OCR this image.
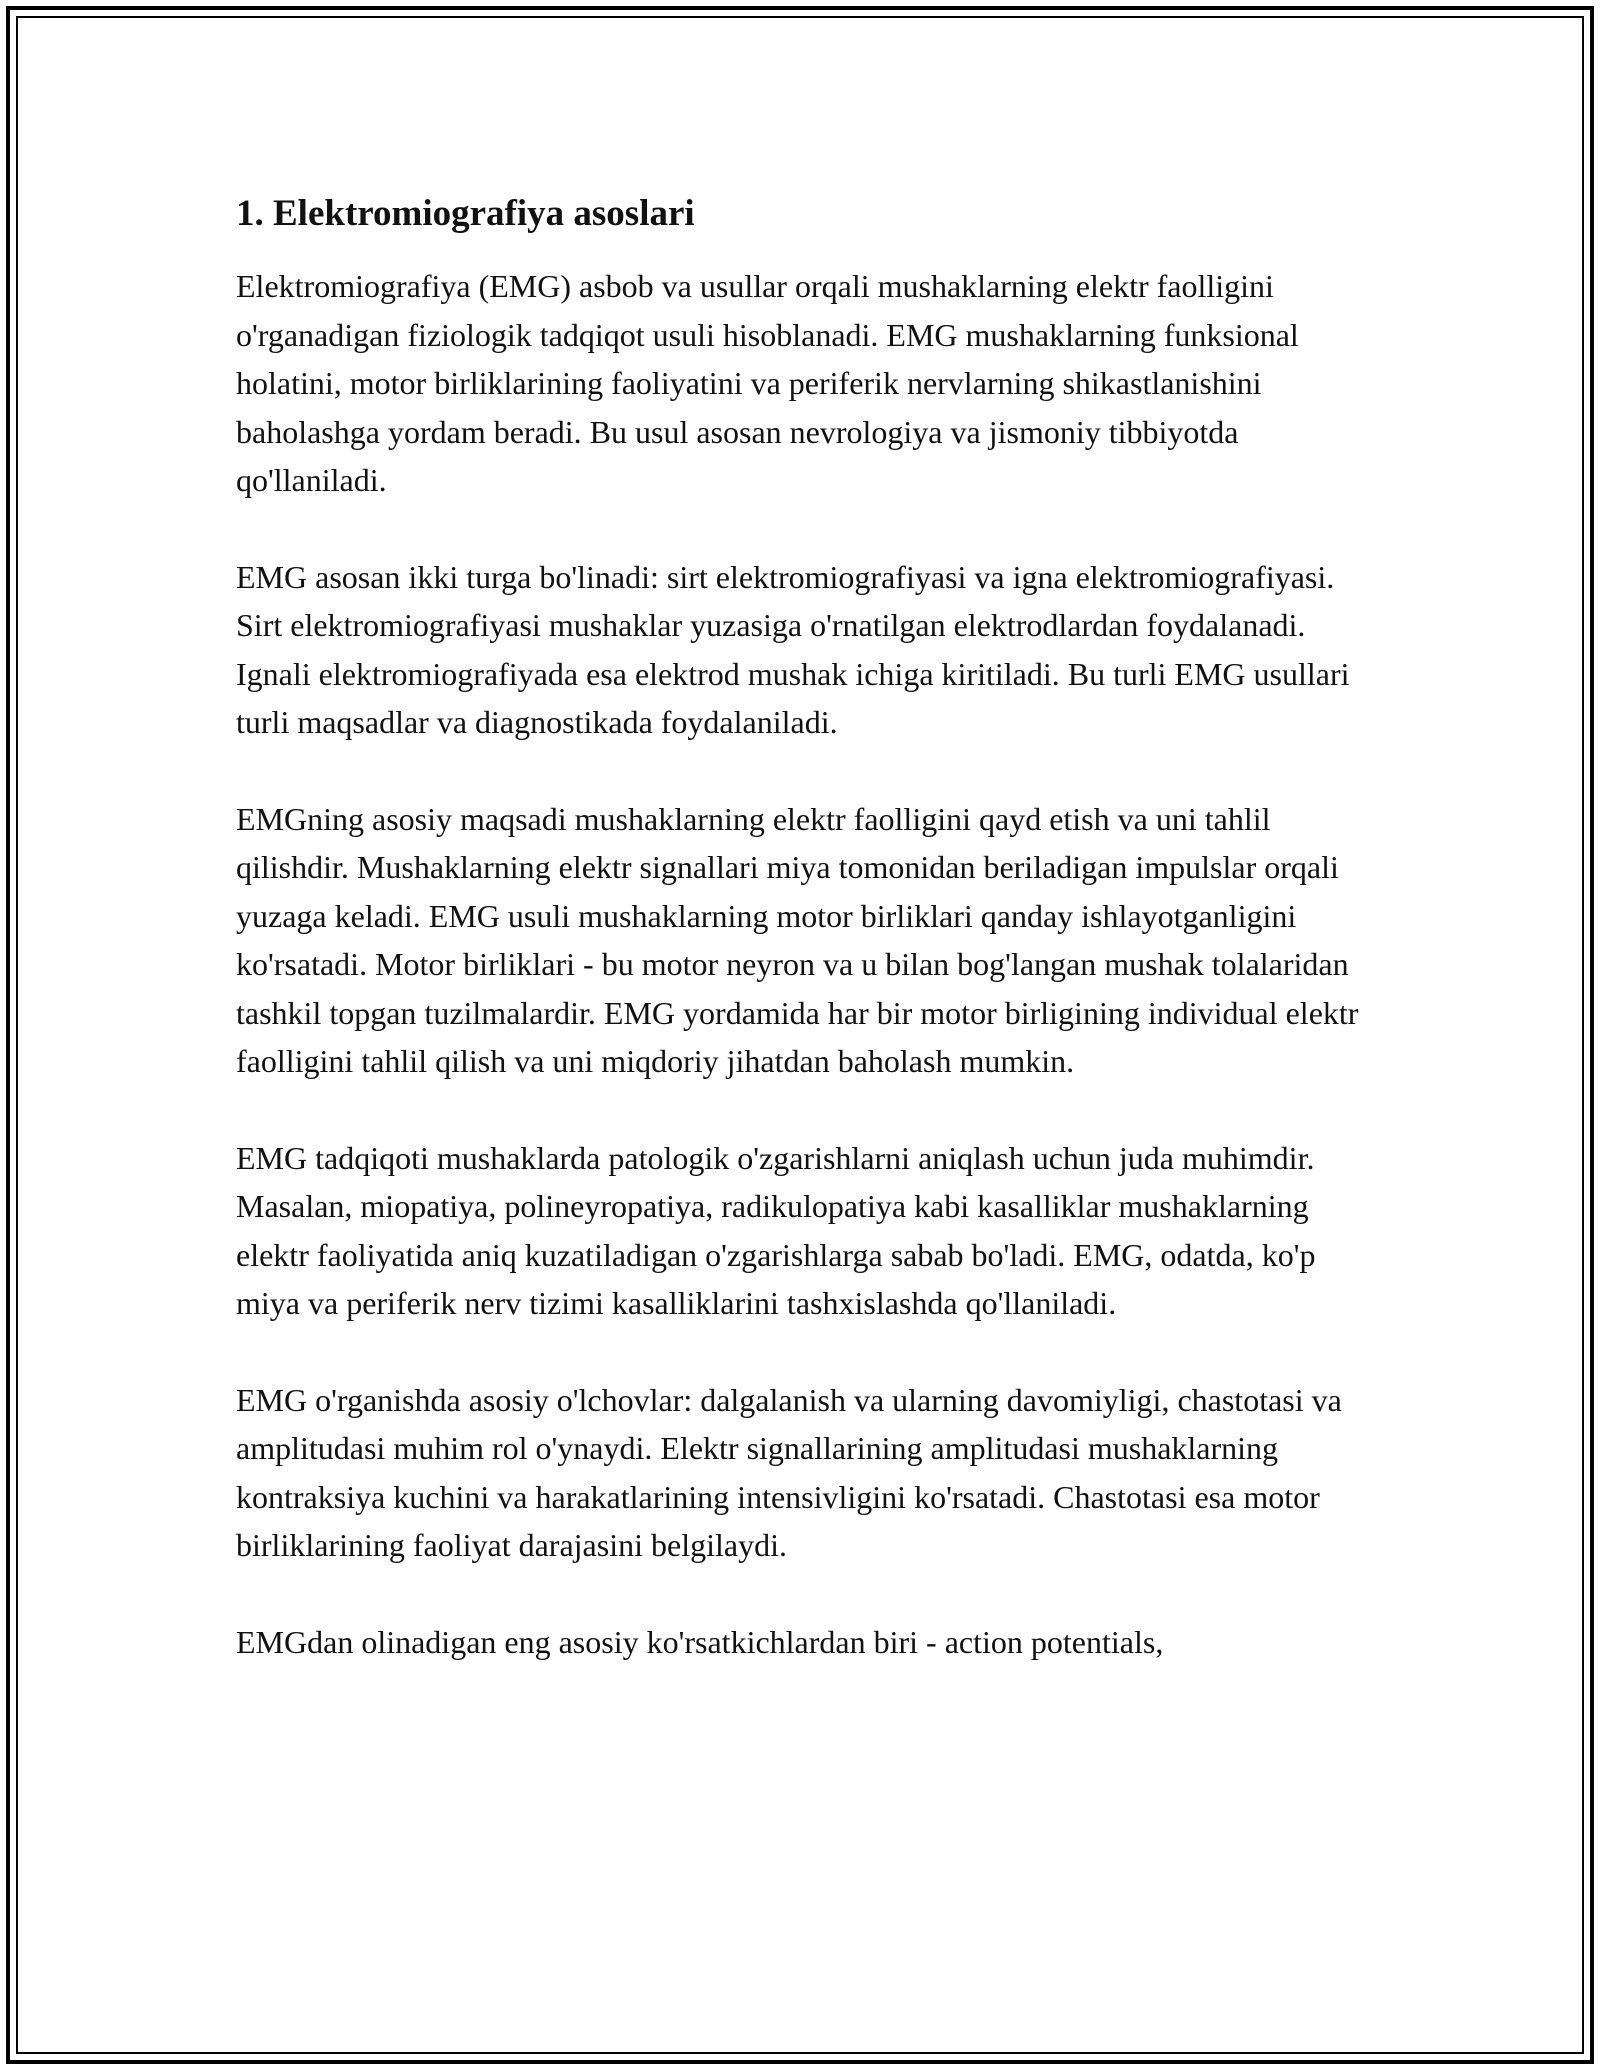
1. Elektromiografiya asoslari

Elektromiografiya (EMG) asbob va usullar orqali mushaklarning elektr faolligini o'rganadigan fiziologik tadqiqot usuli hisoblanadi. EMG mushaklarning funksional holatini, motor birliklarining faoliyatini va periferik nervlarning shikastlanishini baholashga yordam beradi. Bu usul asosan nevrologiya va jismoniy tibbiyotda qo'llaniladi.

EMG asosan ikki turga bo'linadi: sirt elektromiografiyasi va igna elektromiografiyasi. Sirt elektromiografiyasi mushaklar yuzasiga o'rnatilgan elektrodlardan foydalanadi. Ignali elektromiografiyada esa elektrod mushak ichiga kiritiladi. Bu turli EMG usullari turli maqsadlar va diagnostikada foydalaniladi.

EMGning asosiy maqsadi mushaklarning elektr faolligini qayd etish va uni tahlil qilishdir. Mushaklarning elektr signallari miya tomonidan beriladigan impulslar orqali yuzaga keladi. EMG usuli mushaklarning motor birliklari qanday ishlayotganligini ko'rsatadi. Motor birliklari - bu motor neyron va u bilan bog'langan mushak tolalaridan tashkil topgan tuzilmalardir. EMG yordamida har bir motor birligining individual elektr faolligini tahlil qilish va uni miqdoriy jihatdan baholash mumkin.

EMG tadqiqoti mushaklarda patologik o'zgarishlarni aniqlash uchun juda muhimdir. Masalan, miopatiya, polineyropatiya, radikulopatiya kabi kasalliklar mushaklarning elektr faoliyatida aniq kuzatiladigan o'zgarishlarga sabab bo'ladi. EMG, odatda, ko'p miya va periferik nerv tizimi kasalliklarini tashxislashda qo'llaniladi.

EMG o'rganishda asosiy o'lchovlar: dalgalanish va ularning davomiyligi, chastotasi va amplitudasi muhim rol o'ynaydi. Elektr signallarining amplitudasi mushaklarning kontraksiya kuchini va harakatlarining intensivligini ko'rsatadi. Chastotasi esa motor birliklarining faoliyat darajasini belgilaydi.

EMGdan olinadigan eng asosiy ko'rsatkichlardan biri - action potentials,
